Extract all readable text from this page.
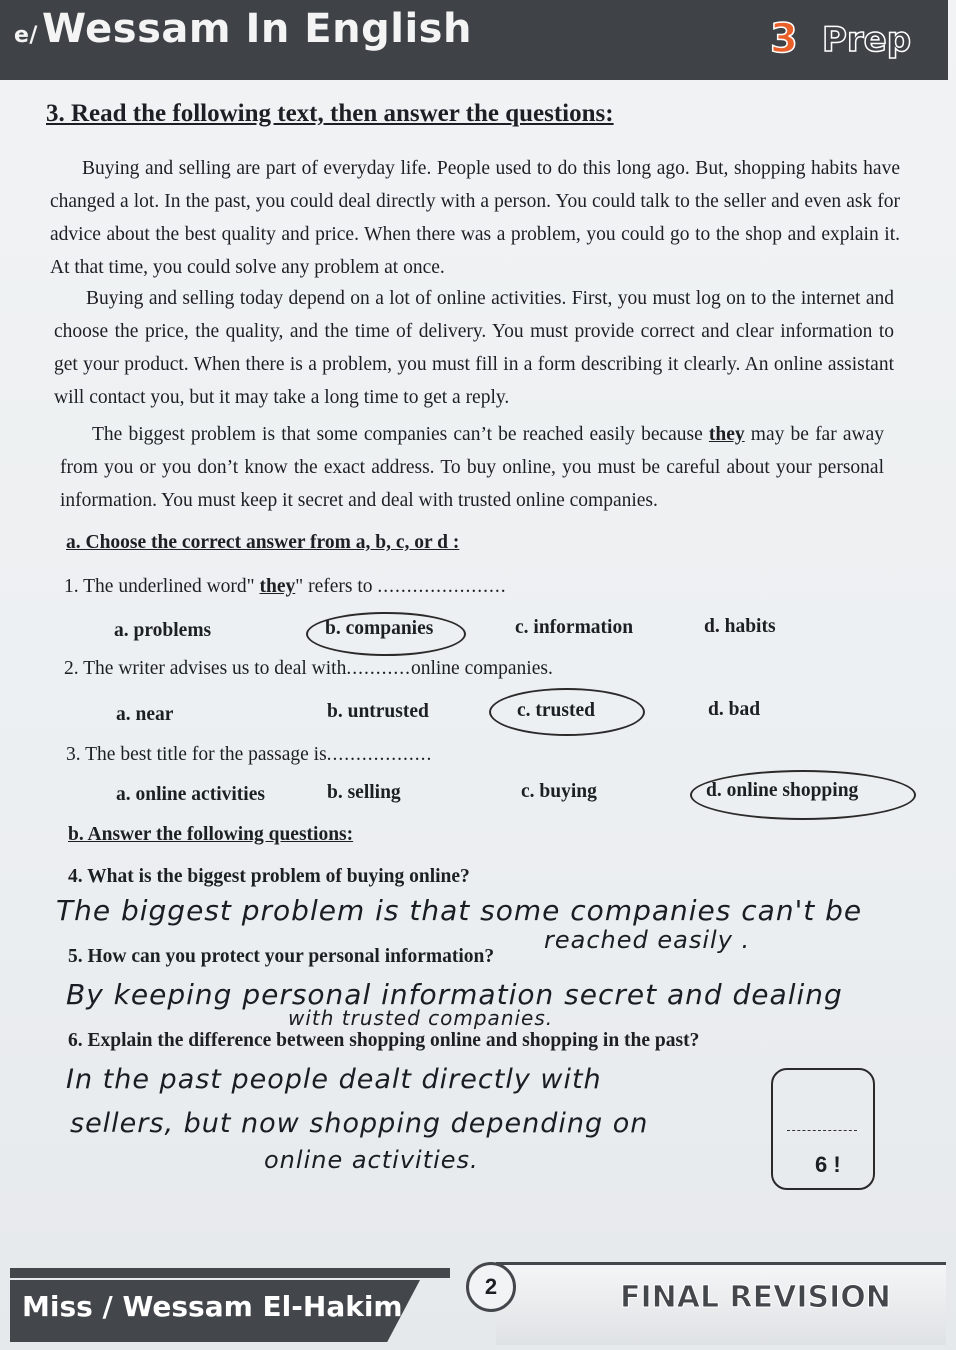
e/ Wessam In English	3 Prep
3. Read the following text, then answer the questions:
Buying and selling are part of everyday life. People used to do this long ago. But, shopping habits have changed a lot. In the past, you could deal directly with a person. You could talk to the seller and even ask for advice about the best quality and price. When there was a problem, you could go to the shop and explain it. At that time, you could solve any problem at once.
Buying and selling today depend on a lot of online activities. First, you must log on to the internet and choose the price, the quality, and the time of delivery. You must provide correct and clear information to get your product. When there is a problem, you must fill in a form describing it clearly. An online assistant will contact you, but it may take a long time to get a reply.
The biggest problem is that some companies can’t be reached easily because they may be far away from you or you don’t know the exact address. To buy online, you must be careful about your personal information. You must keep it secret and deal with trusted online companies.
a. Choose the correct answer from a, b, c, or d :
1. The underlined word" they" refers to ......................
a. problems	b. companies	c. information	d. habits
2. The writer advises us to deal with...........online companies.
a. near	b. untrusted	c. trusted	d. bad
3. The best title for the passage is..................
a. online activities	b. selling	c. buying	d. online shopping
b. Answer the following questions:
4. What is the biggest problem of buying online?
The biggest problem is that some companies can't be
reached easily .
5. How can you protect your personal information?
By keeping personal information secret and dealing
with trusted companies.
6. Explain the difference between shopping online and shopping in the past?
In the past people dealt directly with
sellers, but now shopping depending on
online activities.	6 !
Miss / Wessam El-Hakim
2	FINAL REVISION
